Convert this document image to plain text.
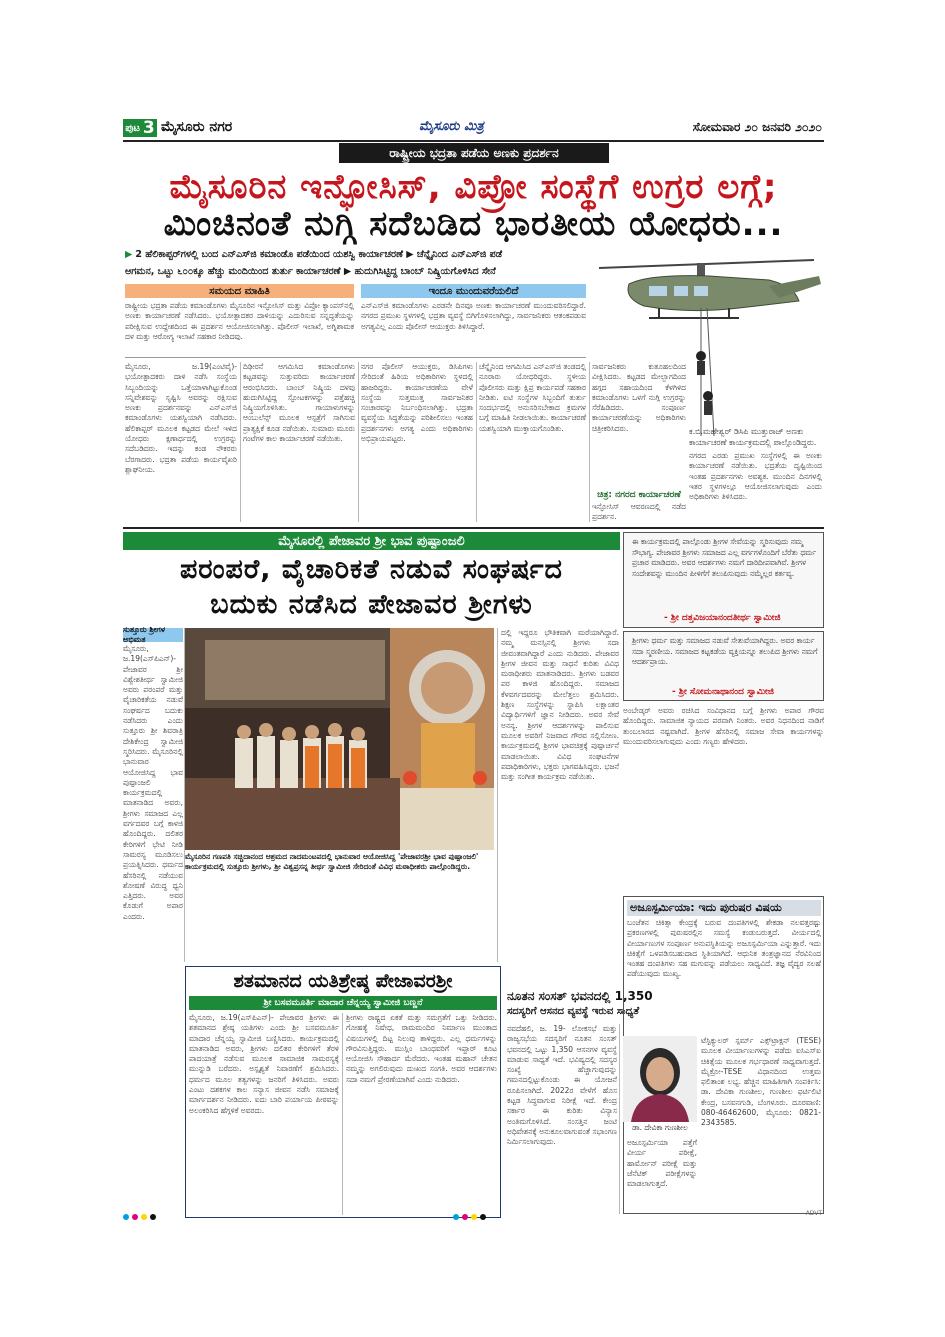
ಪುಟ 3 ಮೈಸೂರು ನಗರ	ಮೈಸೂರು ಮಿತ್ರ	ಸೋಮವಾರ ೨೦ ಜನವರಿ ೨೦೨೦
ರಾಷ್ಟ್ರೀಯ ಭದ್ರತಾ ಪಡೆಯ ಅಣಕು ಪ್ರದರ್ಶನ
ಮೈಸೂರಿನ ಇನ್ಫೋಸಿಸ್, ವಿಪ್ರೋ ಸಂಸ್ಥೆಗೆ ಉಗ್ರರ ಲಗ್ಗೆ;
ಮಿಂಚಿನಂತೆ ನುಗ್ಗಿ ಸದೆಬಡಿದ ಭಾರತೀಯ ಯೋಧರು...
▶ 2 ಹೆಲಿಕಾಪ್ಟರ್‌ಗಳಲ್ಲಿ ಬಂದ ಎನ್‌ಎಸ್‌ಜಿ ಕಮಾಂಡೊ ಪಡೆಯಿಂದ ಯಶಸ್ವಿ ಕಾರ್ಯಾಚರಣೆ ▶ ಚೆನ್ನೈನಿಂದ ಎನ್‌ಎಸ್‌ಜಿ ಪಡೆ
ಆಗಮನ, ಒಟ್ಟು ೬೦೦ಕ್ಕೂ ಹೆಚ್ಚು ಮಂದಿಯಿಂದ ತುರ್ತು ಕಾರ್ಯಾಚರಣೆ ▶ ಹುದುಗಿಸಿಟ್ಟಿದ್ದ ಬಾಂಬ್ ನಿಷ್ಕ್ರಿಯಗೊಳಿಸಿದ ಸೇನೆ
ಸಮಯದ ಮಾಹಿತಿ	ಇಂದೂ ಮುಂದುವರೆಯಲಿದೆ
ಕ.ಬಿ.ಮಹೇಶ್ವರ್ ಡಿಸಿಪಿ ಮುತ್ತುರಾಜ್ ಅಣಕು ಕಾರ್ಯಾಚರಣೆ ಕಾರ್ಯಕ್ರಮದಲ್ಲಿ ಪಾಲ್ಗೊಂಡಿದ್ದರು.
ರಾಷ್ಟ್ರೀಯ ಭದ್ರತಾ ಪಡೆಯ ಕಮಾಂಡೊಗಳು ಮೈಸೂರಿನ ಇನ್ಫೋಸಿಸ್ ಮತ್ತು ವಿಪ್ರೋ ಕ್ಯಾಂಪಸ್‌ನಲ್ಲಿ ಅಣಕು ಕಾರ್ಯಾಚರಣೆ ನಡೆಸಿದರು. ಭಯೋತ್ಪಾದಕರ ದಾಳಿಯನ್ನು ಎದುರಿಸುವ ಸನ್ನದ್ಧತೆಯನ್ನು ಪರೀಕ್ಷಿಸುವ ಉದ್ದೇಶದಿಂದ ಈ ಪ್ರದರ್ಶನ ಆಯೋಜಿಸಲಾಗಿತ್ತು. ಪೊಲೀಸ್ ಇಲಾಖೆ, ಅಗ್ನಿಶಾಮಕ ದಳ ಮತ್ತು ಆರೋಗ್ಯ ಇಲಾಖೆ ಸಹಕಾರ ನೀಡಿದವು.
ಎನ್‌ಎಸ್‌ಜಿ ಕಮಾಂಡೊಗಳು ಎರಡನೇ ದಿನವೂ ಅಣಕು ಕಾರ್ಯಾಚರಣೆ ಮುಂದುವರಿಸಲಿದ್ದಾರೆ. ನಗರದ ಪ್ರಮುಖ ಸ್ಥಳಗಳಲ್ಲಿ ಭದ್ರತಾ ವ್ಯವಸ್ಥೆ ಬಿಗಿಗೊಳಿಸಲಾಗಿದ್ದು, ಸಾರ್ವಜನಿಕರು ಆತಂಕಪಡುವ ಅಗತ್ಯವಿಲ್ಲ ಎಂದು ಪೊಲೀಸ್ ಆಯುಕ್ತರು ತಿಳಿಸಿದ್ದಾರೆ.
ಮೈಸೂರು, ಜ.19(ಎಂಟಿವೈ)- ಭಯೋತ್ಪಾದಕರು ದಾಳಿ ನಡೆಸಿ ಸಂಸ್ಥೆಯ ಸಿಬ್ಬಂದಿಯನ್ನು ಒತ್ತೆಯಾಳಾಗಿಟ್ಟುಕೊಂಡ ಸನ್ನಿವೇಶವನ್ನು ಸೃಷ್ಟಿಸಿ ಅವರನ್ನು ರಕ್ಷಿಸುವ ಅಣಕು ಪ್ರದರ್ಶನವನ್ನು ಎನ್‌ಎಸ್‌ಜಿ ಕಮಾಂಡೊಗಳು ಯಶಸ್ವಿಯಾಗಿ ನಡೆಸಿದರು. ಹೆಲಿಕಾಪ್ಟರ್ ಮೂಲಕ ಕಟ್ಟಡದ ಮೇಲೆ ಇಳಿದ ಯೋಧರು ಕ್ಷಣಾರ್ಧದಲ್ಲಿ ಉಗ್ರರನ್ನು ಸದೆಬಡಿದರು. ಇದನ್ನು ಕಂಡ ನೌಕರರು ಬೆರಗಾದರು. ಭದ್ರತಾ ಪಡೆಯ ಕಾರ್ಯವೈಖರಿ ಶ್ಲಾಘನೀಯ.
ದಿಢೀರನೆ ಆಗಮಿಸಿದ ಕಮಾಂಡೊಗಳು ಕಟ್ಟಡವನ್ನು ಸುತ್ತುವರಿದು ಕಾರ್ಯಾಚರಣೆ ಆರಂಭಿಸಿದರು. ಬಾಂಬ್ ನಿಷ್ಕ್ರಿಯ ದಳವು ಹುದುಗಿಸಿಟ್ಟಿದ್ದ ಸ್ಫೋಟಕಗಳನ್ನು ಪತ್ತೆಹಚ್ಚಿ ನಿಷ್ಕ್ರಿಯಗೊಳಿಸಿತು. ಗಾಯಾಳುಗಳನ್ನು ಆಂಬುಲೆನ್ಸ್ ಮೂಲಕ ಆಸ್ಪತ್ರೆಗೆ ಸಾಗಿಸುವ ಪ್ರಾತ್ಯಕ್ಷಿಕೆ ಕೂಡ ನಡೆಯಿತು. ಸುಮಾರು ಮೂರು ಗಂಟೆಗಳ ಕಾಲ ಕಾರ್ಯಾಚರಣೆ ನಡೆಯಿತು.
ನಗರ ಪೊಲೀಸ್ ಆಯುಕ್ತರು, ಡಿಸಿಪಿಗಳು ಸೇರಿದಂತೆ ಹಿರಿಯ ಅಧಿಕಾರಿಗಳು ಸ್ಥಳದಲ್ಲಿ ಹಾಜರಿದ್ದರು. ಕಾರ್ಯಾಚರಣೆಯ ವೇಳೆ ಸಂಸ್ಥೆಯ ಸುತ್ತಮುತ್ತ ಸಾರ್ವಜನಿಕರ ಸಂಚಾರವನ್ನು ನಿರ್ಬಂಧಿಸಲಾಗಿತ್ತು. ಭದ್ರತಾ ವ್ಯವಸ್ಥೆಯ ಸಿದ್ಧತೆಯನ್ನು ಪರಿಶೀಲಿಸಲು ಇಂತಹ ಪ್ರದರ್ಶನಗಳು ಅಗತ್ಯ ಎಂದು ಅಧಿಕಾರಿಗಳು ಅಭಿಪ್ರಾಯಪಟ್ಟರು.
ಚೆನ್ನೈನಿಂದ ಆಗಮಿಸಿದ ಎನ್‌ಎಸ್‌ಜಿ ತಂಡದಲ್ಲಿ ನೂರಾರು ಯೋಧರಿದ್ದರು. ಸ್ಥಳೀಯ ಪೊಲೀಸರು ಮತ್ತು ಕ್ಷಿಪ್ರ ಕಾರ್ಯಪಡೆ ಸಹಕಾರ ನೀಡಿತು. ಐಟಿ ಸಂಸ್ಥೆಗಳ ಸಿಬ್ಬಂದಿಗೆ ತುರ್ತು ಸಂದರ್ಭದಲ್ಲಿ ಅನುಸರಿಸಬೇಕಾದ ಕ್ರಮಗಳ ಬಗ್ಗೆ ಮಾಹಿತಿ ನೀಡಲಾಯಿತು. ಕಾರ್ಯಾಚರಣೆ ಯಶಸ್ವಿಯಾಗಿ ಮುಕ್ತಾಯಗೊಂಡಿತು.
ಸಾರ್ವಜನಿಕರು ಕುತೂಹಲದಿಂದ ವೀಕ್ಷಿಸಿದರು. ಕಟ್ಟಡದ ಮೇಲ್ಭಾಗದಿಂದ ಹಗ್ಗದ ಸಹಾಯದಿಂದ ಕೆಳಗಿಳಿದ ಕಮಾಂಡೊಗಳು ಒಳಗೆ ನುಗ್ಗಿ ಉಗ್ರರನ್ನು ಸೆರೆಹಿಡಿದರು. ಸಂಪೂರ್ಣ ಕಾರ್ಯಾಚರಣೆಯನ್ನು ಅಧಿಕಾರಿಗಳು ಚಿತ್ರೀಕರಿಸಿದರು.
ಚಿತ್ರ: ನಗರದ ಕಾರ್ಯಾಚರಣೆ
ಇನ್ಫೋಸಿಸ್ ಆವರಣದಲ್ಲಿ ನಡೆದ ಪ್ರದರ್ಶನ.
ನಗರದ ಎರಡು ಪ್ರಮುಖ ಸಂಸ್ಥೆಗಳಲ್ಲಿ ಈ ಅಣಕು ಕಾರ್ಯಾಚರಣೆ ನಡೆಯಿತು. ಭದ್ರತೆಯ ದೃಷ್ಟಿಯಿಂದ ಇಂತಹ ಪ್ರದರ್ಶನಗಳು ಅವಶ್ಯಕ. ಮುಂದಿನ ದಿನಗಳಲ್ಲಿ ಇತರ ಸ್ಥಳಗಳಲ್ಲೂ ಆಯೋಜಿಸಲಾಗುವುದು ಎಂದು ಅಧಿಕಾರಿಗಳು ತಿಳಿಸಿದರು.
ಮೈಸೂರಲ್ಲಿ ಪೇಜಾವರ ಶ್ರೀ ಭಾವ ಪುಷ್ಪಾಂಜಲಿ
ಪರಂಪರೆ, ವೈಚಾರಿಕತೆ ನಡುವೆ ಸಂಘರ್ಷದ
ಬದುಕು ನಡೆಸಿದ ಪೇಜಾವರ ಶ್ರೀಗಳು
ಈ ಕಾರ್ಯಕ್ರಮದಲ್ಲಿ ಪಾಲ್ಗೊಂಡು ಶ್ರೀಗಳ ಸೇವೆಯನ್ನು ಸ್ಮರಿಸುವುದು ನಮ್ಮ ಸೌಭಾಗ್ಯ. ಪೇಜಾವರ ಶ್ರೀಗಳು ಸಮಾಜದ ಎಲ್ಲ ವರ್ಗಗಳೊಂದಿಗೆ ಬೆರೆತು ಧರ್ಮ ಪ್ರಚಾರ ಮಾಡಿದರು. ಅವರ ಆದರ್ಶಗಳು ನಮಗೆ ದಾರಿದೀಪವಾಗಿವೆ. ಶ್ರೀಗಳ ಸಂದೇಶವನ್ನು ಮುಂದಿನ ಪೀಳಿಗೆಗೆ ತಲುಪಿಸುವುದು ನಮ್ಮೆಲ್ಲರ ಕರ್ತವ್ಯ.
- ಶ್ರೀ ದತ್ತವಿಜಯಾನಂದತೀರ್ಥ ಸ್ವಾಮೀಜಿ
ಶ್ರೀಗಳು ಧರ್ಮ ಮತ್ತು ಸಮಾಜದ ನಡುವೆ ಸೇತುವೆಯಾಗಿದ್ದರು. ಅವರ ಕಾರ್ಯ ಸದಾ ಸ್ಮರಣೀಯ. ಸಮಾಜದ ಕಟ್ಟಕಡೆಯ ವ್ಯಕ್ತಿಯನ್ನೂ ತಲುಪಿದ ಶ್ರೀಗಳು ನಮಗೆ ಆದರ್ಶಪ್ರಾಯ.
- ಶ್ರೀ ಸೋಮನಾಥಾನಂದ ಸ್ವಾಮೀಜಿ
ಸುತ್ತೂರು ಶ್ರೀಗಳ ಅಭಿಮತ
ಮೈಸೂರು, ಜ.19(ಎಸ್‌ಪಿಎನ್)- ಪೇಜಾವರ ಶ್ರೀ ವಿಶ್ವೇಶತೀರ್ಥ ಸ್ವಾಮೀಜಿ ಅವರು ಪರಂಪರೆ ಮತ್ತು ವೈಚಾರಿಕತೆಯ ನಡುವೆ ಸಂಘರ್ಷದ ಬದುಕು ನಡೆಸಿದರು ಎಂದು ಸುತ್ತೂರು ಶ್ರೀ ಶಿವರಾತ್ರಿ ದೇಶಿಕೇಂದ್ರ ಸ್ವಾಮೀಜಿ ಸ್ಮರಿಸಿದರು. ಮೈಸೂರಿನಲ್ಲಿ ಭಾನುವಾರ ಆಯೋಜಿಸಿದ್ದ ಭಾವ ಪುಷ್ಪಾಂಜಲಿ ಕಾರ್ಯಕ್ರಮದಲ್ಲಿ ಮಾತನಾಡಿದ ಅವರು, ಶ್ರೀಗಳು ಸಮಾಜದ ಎಲ್ಲ ವರ್ಗದವರ ಬಗ್ಗೆ ಕಾಳಜಿ ಹೊಂದಿದ್ದರು. ದಲಿತರ ಕೇರಿಗಳಿಗೆ ಭೇಟಿ ನೀಡಿ ಸಾಮರಸ್ಯ ಮೂಡಿಸಲು ಪ್ರಯತ್ನಿಸಿದರು. ಧರ್ಮದ ಹೆಸರಿನಲ್ಲಿ ನಡೆಯುವ ಶೋಷಣೆ ವಿರುದ್ಧ ಧ್ವನಿ ಎತ್ತಿದರು. ಅವರ ಕೊಡುಗೆ ಅಪಾರ ಎಂದರು.
ಮೈಸೂರಿನ ಗಣಪತಿ ಸಚ್ಚಿದಾನಂದ ಆಶ್ರಮದ ನಾದಮಂಟಪದಲ್ಲಿ ಭಾನುವಾರ ಆಯೋಜಿಸಿದ್ದ 'ಪೇಜಾವರಶ್ರೀ ಭಾವ ಪುಷ್ಪಾಂಜಲಿ' ಕಾರ್ಯಕ್ರಮದಲ್ಲಿ ಸುತ್ತೂರು ಶ್ರೀಗಳು, ಶ್ರೀ ವಿಶ್ವಪ್ರಸನ್ನ ತೀರ್ಥ ಸ್ವಾಮೀಜಿ ಸೇರಿದಂತೆ ವಿವಿಧ ಮಠಾಧೀಶರು ಪಾಲ್ಗೊಂಡಿದ್ದರು.
ದಲ್ಲಿ ಇದ್ದರೂ ಭೌತಿಕವಾಗಿ ಮರೆಯಾಗಿದ್ದಾರೆ. ನಮ್ಮ ಮನಸ್ಸಿನಲ್ಲಿ ಶ್ರೀಗಳು ಸದಾ ಜೀವಂತವಾಗಿದ್ದಾರೆ ಎಂದು ನುಡಿದರು. ಪೇಜಾವರ ಶ್ರೀಗಳ ಜೀವನ ಮತ್ತು ಸಾಧನೆ ಕುರಿತು ವಿವಿಧ ಮಠಾಧೀಶರು ಮಾತನಾಡಿದರು. ಶ್ರೀಗಳು ಬಡವರ ಪರ ಕಾಳಜಿ ಹೊಂದಿದ್ದರು. ಸಮಾಜದ ಕೆಳವರ್ಗದವರನ್ನು ಮೇಲೆತ್ತಲು ಶ್ರಮಿಸಿದರು. ಶಿಕ್ಷಣ ಸಂಸ್ಥೆಗಳನ್ನು ಸ್ಥಾಪಿಸಿ ಲಕ್ಷಾಂತರ ವಿದ್ಯಾರ್ಥಿಗಳಿಗೆ ಜ್ಞಾನ ನೀಡಿದರು. ಅವರ ಸೇವೆ ಅನನ್ಯ. ಶ್ರೀಗಳ ಆದರ್ಶಗಳನ್ನು ಪಾಲಿಸುವ ಮೂಲಕ ಅವರಿಗೆ ನಿಜವಾದ ಗೌರವ ಸಲ್ಲಿಸೋಣ. ಕಾರ್ಯಕ್ರಮದಲ್ಲಿ ಶ್ರೀಗಳ ಭಾವಚಿತ್ರಕ್ಕೆ ಪುಷ್ಪಾರ್ಚನೆ ಮಾಡಲಾಯಿತು. ವಿವಿಧ ಸಂಘಟನೆಗಳ ಪದಾಧಿಕಾರಿಗಳು, ಭಕ್ತರು ಭಾಗವಹಿಸಿದ್ದರು. ಭಜನೆ ಮತ್ತು ಸಂಗೀತ ಕಾರ್ಯಕ್ರಮ ನಡೆಯಿತು.
ಅಂಬೇಡ್ಕರ್ ಅವರು ರಚಿಸಿದ ಸಂವಿಧಾನದ ಬಗ್ಗೆ ಶ್ರೀಗಳು ಅಪಾರ ಗೌರವ ಹೊಂದಿದ್ದರು. ಸಾಮಾಜಿಕ ನ್ಯಾಯದ ಪರವಾಗಿ ನಿಂತರು. ಅವರ ನಿಧನದಿಂದ ನಾಡಿಗೆ ತುಂಬಲಾರದ ನಷ್ಟವಾಗಿದೆ. ಶ್ರೀಗಳ ಹೆಸರಿನಲ್ಲಿ ಸಮಾಜ ಸೇವಾ ಕಾರ್ಯಗಳನ್ನು ಮುಂದುವರಿಸಲಾಗುವುದು ಎಂದು ಗಣ್ಯರು ಹೇಳಿದರು.
ಶತಮಾನದ ಯತಿಶ್ರೇಷ್ಠ ಪೇಜಾವರಶ್ರೀ
ಶ್ರೀ ಬಸವಮೂರ್ತಿ ಮಾದಾರ ಚೆನ್ನಯ್ಯ ಸ್ವಾಮೀಜಿ ಬಣ್ಣನೆ
ಮೈಸೂರು, ಜ.19(ಎಸ್‌ಪಿಎನ್)- ಪೇಜಾವರ ಶ್ರೀಗಳು ಈ ಶತಮಾನದ ಶ್ರೇಷ್ಠ ಯತಿಗಳು ಎಂದು ಶ್ರೀ ಬಸವಮೂರ್ತಿ ಮಾದಾರ ಚೆನ್ನಯ್ಯ ಸ್ವಾಮೀಜಿ ಬಣ್ಣಿಸಿದರು. ಕಾರ್ಯಕ್ರಮದಲ್ಲಿ ಮಾತನಾಡಿದ ಅವರು, ಶ್ರೀಗಳು ದಲಿತರ ಕೇರಿಗಳಿಗೆ ತೆರಳಿ ಪಾದಯಾತ್ರೆ ನಡೆಸುವ ಮೂಲಕ ಸಾಮಾಜಿಕ ಸಾಮರಸ್ಯಕ್ಕೆ ಮುನ್ನುಡಿ ಬರೆದರು. ಅಸ್ಪೃಶ್ಯತೆ ನಿವಾರಣೆಗೆ ಶ್ರಮಿಸಿದರು. ಧರ್ಮದ ಮೂಲ ತತ್ವಗಳನ್ನು ಜನರಿಗೆ ತಿಳಿಸಿದರು. ಅವರು ಎಂಟು ದಶಕಗಳ ಕಾಲ ಸನ್ಯಾಸ ಜೀವನ ನಡೆಸಿ ಸಮಾಜಕ್ಕೆ ಮಾರ್ಗದರ್ಶನ ನೀಡಿದರು. ಐದು ಬಾರಿ ಪರ್ಯಾಯ ಪೀಠವನ್ನು ಅಲಂಕರಿಸಿದ ಹೆಗ್ಗಳಿಕೆ ಅವರದು.
ಶ್ರೀಗಳು ರಾಷ್ಟ್ರದ ಏಕತೆ ಮತ್ತು ಸಮಗ್ರತೆಗೆ ಒತ್ತು ನೀಡಿದರು. ಗೋಹತ್ಯೆ ನಿಷೇಧ, ರಾಮಮಂದಿರ ನಿರ್ಮಾಣ ಮುಂತಾದ ವಿಷಯಗಳಲ್ಲಿ ದಿಟ್ಟ ನಿಲುವು ತಾಳಿದ್ದರು. ಎಲ್ಲ ಧರ್ಮಗಳನ್ನು ಗೌರವಿಸುತ್ತಿದ್ದರು. ಮುಸ್ಲಿಂ ಬಾಂಧವರಿಗೆ ಇಫ್ತಾರ್ ಕೂಟ ಆಯೋಜಿಸಿ ಸೌಹಾರ್ದ ಮೆರೆದರು. ಇಂತಹ ಮಹಾನ್ ಚೇತನ ನಮ್ಮನ್ನು ಅಗಲಿರುವುದು ದುಃಖದ ಸಂಗತಿ. ಅವರ ಆದರ್ಶಗಳು ಸದಾ ನಮಗೆ ಪ್ರೇರಣೆಯಾಗಿವೆ ಎಂದು ನುಡಿದರು.
ನೂತನ ಸಂಸತ್ ಭವನದಲ್ಲಿ 1,350
ಸದಸ್ಯರಿಗೆ ಆಸನದ ವ್ಯವಸ್ಥೆ ಇರುವ ಸಾಧ್ಯತೆ
ನವದೆಹಲಿ, ಜ. 19- ಲೋಕಸಭೆ ಮತ್ತು ರಾಜ್ಯಸಭೆಯ ಸದಸ್ಯರಿಗೆ ನೂತನ ಸಂಸತ್ ಭವನದಲ್ಲಿ ಒಟ್ಟು 1,350 ಆಸನಗಳ ವ್ಯವಸ್ಥೆ ಮಾಡುವ ಸಾಧ್ಯತೆ ಇದೆ. ಭವಿಷ್ಯದಲ್ಲಿ ಸದಸ್ಯರ ಸಂಖ್ಯೆ ಹೆಚ್ಚಾಗುವುದನ್ನು ಗಮನದಲ್ಲಿಟ್ಟುಕೊಂಡು ಈ ಯೋಜನೆ ರೂಪಿಸಲಾಗಿದೆ. 2022ರ ವೇಳೆಗೆ ಹೊಸ ಕಟ್ಟಡ ಸಿದ್ಧವಾಗುವ ನಿರೀಕ್ಷೆ ಇದೆ. ಕೇಂದ್ರ ಸರ್ಕಾರ ಈ ಕುರಿತು ವಿನ್ಯಾಸ ಅಂತಿಮಗೊಳಿಸಿದೆ. ಸಂಸತ್ತಿನ ಜಂಟಿ ಅಧಿವೇಶನಕ್ಕೆ ಅನುಕೂಲವಾಗುವಂತೆ ಸಭಾಂಗಣ ನಿರ್ಮಿಸಲಾಗುವುದು.
ಅಜೂಸ್ಪರ್ಮಿಯಾ: ಇದು ಪುರುಷರ ವಿಷಯ
ಬಂಜೆತನ ಚಿಕಿತ್ಸಾ ಕೇಂದ್ರಕ್ಕೆ ಬರುವ ದಂಪತಿಗಳಲ್ಲಿ ಶೇಕಡಾ ನಲವತ್ತರಷ್ಟು ಪ್ರಕರಣಗಳಲ್ಲಿ ಪುರುಷರಲ್ಲಿನ ಸಮಸ್ಯೆ ಕಂಡುಬರುತ್ತದೆ. ವೀರ್ಯದಲ್ಲಿ ವೀರ್ಯಾಣುಗಳ ಸಂಪೂರ್ಣ ಅನುಪಸ್ಥಿತಿಯನ್ನು ಅಜೂಸ್ಪರ್ಮಿಯಾ ಎನ್ನುತ್ತಾರೆ. ಇದು ಚಿಕಿತ್ಸೆಗೆ ಒಳಪಡಿಸಬಹುದಾದ ಸ್ಥಿತಿಯಾಗಿದೆ. ಆಧುನಿಕ ತಂತ್ರಜ್ಞಾನದ ನೆರವಿನಿಂದ ಇಂತಹ ದಂಪತಿಗಳು ಸಹ ಮಗುವನ್ನು ಪಡೆಯಲು ಸಾಧ್ಯವಿದೆ. ತಜ್ಞ ವೈದ್ಯರ ಸಲಹೆ ಪಡೆಯುವುದು ಮುಖ್ಯ.
ಡಾ. ದೇವಿಕಾ ಗುಣಶೀಲ
ಟೆಸ್ಟಿಕ್ಯುಲರ್ ಸ್ಪರ್ಮ್ ಎಕ್ಸ್‌ಟ್ರಾಕ್ಷನ್ (TESE) ಮೂಲಕ ವೀರ್ಯಾಣುಗಳನ್ನು ಪಡೆದು ಐಸಿಎಸ್‌ಐ ಚಿಕಿತ್ಸೆಯ ಮೂಲಕ ಗರ್ಭಧಾರಣೆ ಸಾಧ್ಯವಾಗುತ್ತದೆ. ಮೈಕ್ರೋ-TESE ವಿಧಾನದಿಂದ ಉತ್ತಮ ಫಲಿತಾಂಶ ಲಭ್ಯ. ಹೆಚ್ಚಿನ ಮಾಹಿತಿಗಾಗಿ ಸಂಪರ್ಕಿಸಿ: ಡಾ. ದೇವಿಕಾ ಗುಣಶೀಲ, ಗುಣಶೀಲ ಫರ್ಟಿಲಿಟಿ ಕೇಂದ್ರ, ಬಸವನಗುಡಿ, ಬೆಂಗಳೂರು. ದೂರವಾಣಿ: 080-46462600, ಮೈಸೂರು: 0821-2343585.
ಅಜೂಸ್ಪರ್ಮಿಯಾ ಪತ್ತೆಗೆ ವೀರ್ಯ ಪರೀಕ್ಷೆ, ಹಾರ್ಮೋನ್ ಪರೀಕ್ಷೆ ಮತ್ತು ಜೆನೆಟಿಕ್ ಪರೀಕ್ಷೆಗಳನ್ನು ಮಾಡಲಾಗುತ್ತದೆ.
ADVT
